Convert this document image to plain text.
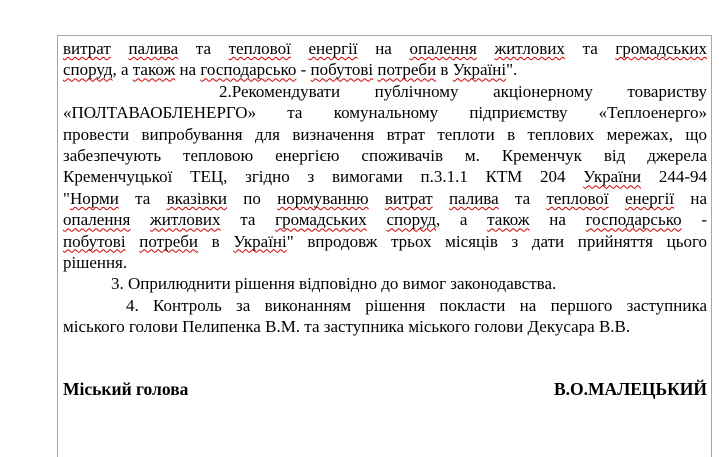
витрат палива та теплової енергії на опалення житлових та громадських
споруд, а також на господарсько - побутові потреби в Україні".
2.Рекомендувати публічному акціонерному товариству
«ПОЛТАВАОБЛЕНЕРГО» та комунальному підприємству «Теплоенерго»
провести випробування для визначення втрат теплоти в теплових мережах, що
забезпечують тепловою енергією споживачів м. Кременчук від джерела
Кременчуцької ТЕЦ, згідно з вимогами п.3.1.1 КТМ 204 України 244-94
"Норми та вказівки по нормуванню витрат палива та теплової енергії на
опалення житлових та громадських споруд, а також на господарсько -
побутові потреби в Україні" впродовж трьох місяців з дати прийняття цього
рішення.
3. Оприлюднити рішення відповідно до вимог законодавства.
4. Контроль за виконанням рішення покласти на першого заступника
міського голови Пелипенка В.М. та заступника міського голови Декусара В.В.
Міський голова	В.О.МАЛЕЦЬКИЙ
